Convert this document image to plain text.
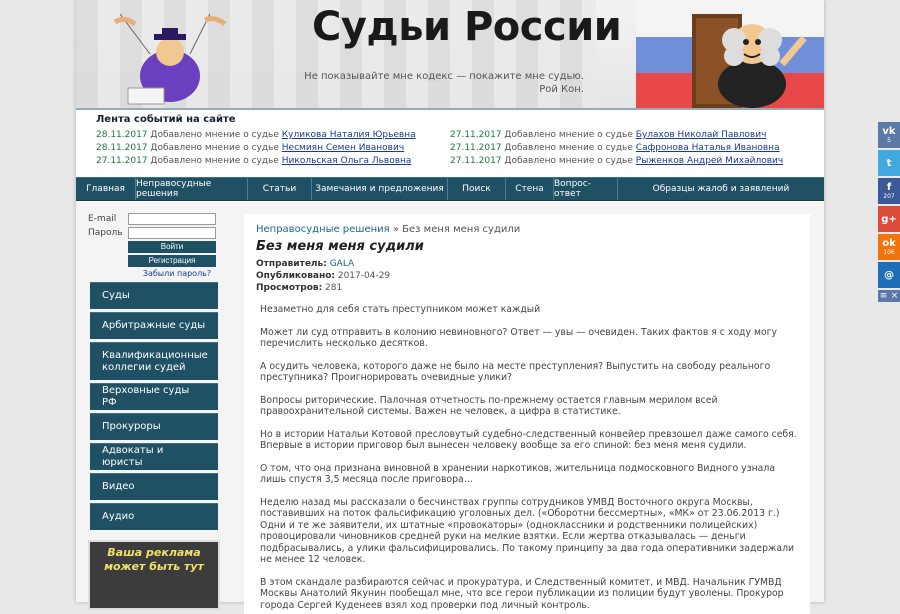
Судьи России
Не показывайте мне кодекс — покажите мне судью.
Рой Кон.
Лента событий на сайте
28.11.2017 Добавлено мнение о судье Куликова Наталия Юрьевна
28.11.2017 Добавлено мнение о судье Несмиян Семен Иванович
27.11.2017 Добавлено мнение о судье Никольская Ольга Львовна
27.11.2017 Добавлено мнение о судье Булахов Николай Павлович
27.11.2017 Добавлено мнение о судье Сафронова Наталья Ивановна
27.11.2017 Добавлено мнение о судье Рыженков Андрей Михайлович
Главная	Неправосудные решения	Статьи	Замечания и предложения	Поиск	Стена	Вопрос-ответ	Образцы жалоб и заявлений
E-mail
Пароль
Войти
Регистрация
Забыли пароль?
Суды
Арбитражные суды
Квалификационные коллегии судей
Верховные суды РФ
Прокуроры
Адвокаты и юристы
Видео
Аудио
Ваша реклама
может быть тут
Неправосудные решения » Без меня меня судили
Без меня меня судили
Отправитель: GALA
Опубликовано: 2017-04-29
Просмотров: 281

Незаметно для себя стать преступником может каждый

Может ли суд отправить в колонию невиновного? Ответ — увы — очевиден. Таких фактов я с ходу могу перечислить несколько десятков.

А осудить человека, которого даже не было на месте преступления? Выпустить на свободу реального преступника? Проигнорировать очевидные улики?

Вопросы риторические. Палочная отчетность по-прежнему остается главным мерилом всей правоохранительной системы. Важен не человек, а цифра в статистике.

Но в истории Натальи Котовой пресловутый судебно-следственный конвейер превзошел даже самого себя. Впервые в истории приговор был вынесен человеку вообще за его спиной: без меня меня судили.

О том, что она признана виновной в хранении наркотиков, жительница подмосковного Видного узнала лишь спустя 3,5 месяца после приговора…

Неделю назад мы рассказали о бесчинствах группы сотрудников УМВД Восточного округа Москвы, поставивших на поток фальсификацию уголовных дел. («Оборотни бессмертны», «МК» от 23.06.2013 г.) Одни и те же заявители, их штатные «провокаторы» (одноклассники и родственники полицейских) провоцировали чиновников средней руки на мелкие взятки. Если жертва отказывалась — деньги подбрасывались, а улики фальсифицировались. По такому принципу за два года оперативники задержали не менее 12 человек.

В этом скандале разбираются сейчас и прокуратура, и Следственный комитет, и МВД. Начальник ГУМВД Москвы Анатолий Якунин пообещал мне, что все герои публикации из полиции будут уволены. Прокурор города Сергей Куденеев взял ход проверки под личный контроль.

vk
5
t
f
207
g+
ok
106
@
≡ ×
